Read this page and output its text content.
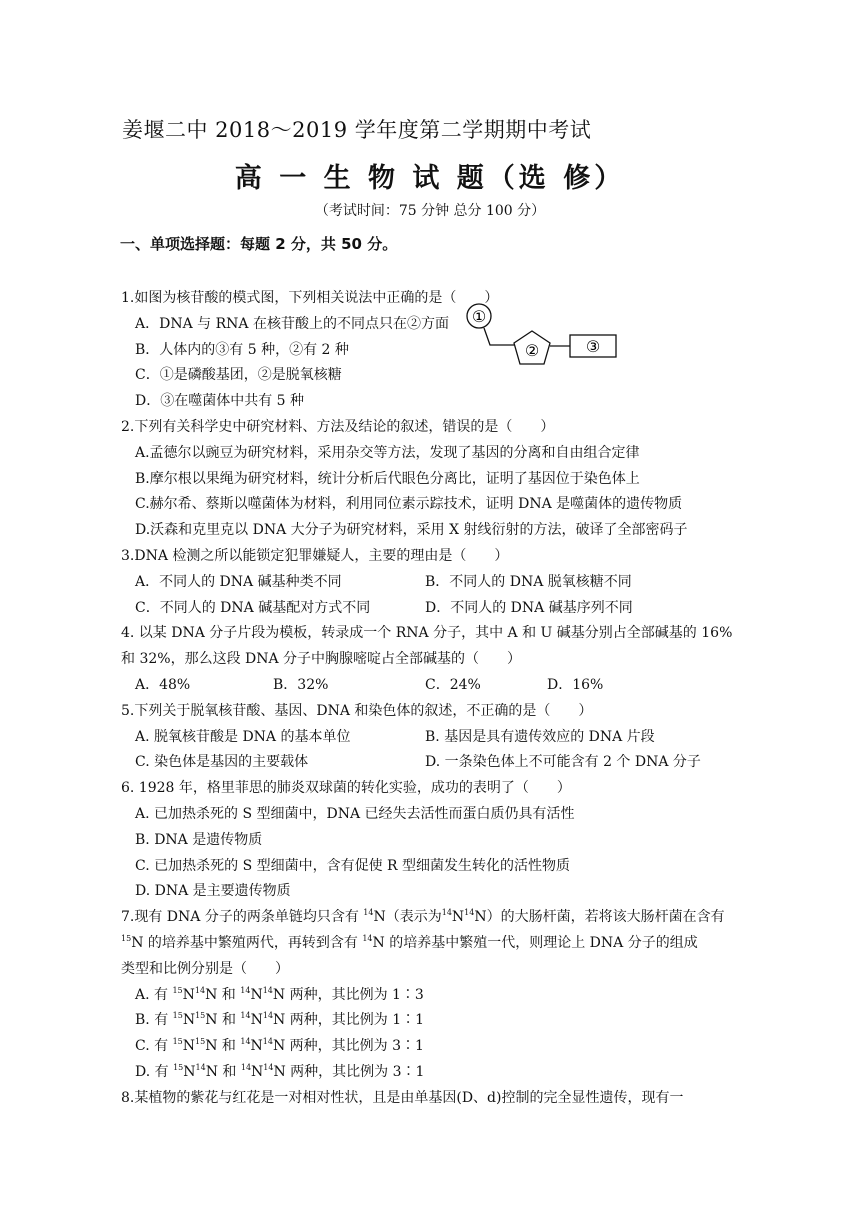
姜堰二中 2018～2019 学年度第二学期期中考试
高 一 生 物 试 题（选 修）
（考试时间：75 分钟 总分 100 分）
一、单项选择题：每题 2 分，共 50 分。
①
②	③
1.如图为核苷酸的模式图，下列相关说法中正确的是（　　）
A．DNA 与 RNA 在核苷酸上的不同点只在②方面
B．人体内的③有 5 种，②有 2 种
C．①是磷酸基团，②是脱氧核糖
D．③在噬菌体中共有 5 种
2.下列有关科学史中研究材料、方法及结论的叙述，错误的是（　　）
A.孟德尔以豌豆为研究材料，采用杂交等方法，发现了基因的分离和自由组合定律
B.摩尔根以果绳为研究材料，统计分析后代眼色分离比，证明了基因位于染色体上
C.赫尔希、蔡斯以噬菌体为材料，利用同位素示踪技术，证明 DNA 是噬菌体的遗传物质
D.沃森和克里克以 DNA 大分子为研究材料，采用 X 射线衍射的方法，破译了全部密码子
3.DNA 检测之所以能锁定犯罪嫌疑人，主要的理由是（　　）
A．不同人的 DNA 碱基种类不同	B．不同人的 DNA 脱氧核糖不同
C．不同人的 DNA 碱基配对方式不同	D．不同人的 DNA 碱基序列不同
4. 以某 DNA 分子片段为模板，转录成一个 RNA 分子，其中 A 和 U 碱基分别占全部碱基的 16%和 32%，那么这段 DNA 分子中胸腺嘧啶占全部碱基的（　　）
A．48%	B．32%	C．24%	D．16%
5.下列关于脱氧核苷酸、基因、DNA 和染色体的叙述，不正确的是（　　）
A. 脱氧核苷酸是 DNA 的基本单位	B. 基因是具有遗传效应的 DNA 片段
C. 染色体是基因的主要载体	D. 一条染色体上不可能含有 2 个 DNA 分子
6. 1928 年，格里菲思的肺炎双球菌的转化实验，成功的表明了（　　）
A. 已加热杀死的 S 型细菌中，DNA 已经失去活性而蛋白质仍具有活性
B. DNA 是遗传物质
C. 已加热杀死的 S 型细菌中，含有促使 R 型细菌发生转化的活性物质
D. DNA 是主要遗传物质
7.现有 DNA 分子的两条单链均只含有 $^{14}$N（表示为$^{14}N^{14}N$）的大肠杆菌，若将该大肠杆菌在含有
$^{15}$N 的培养基中繁殖两代，再转到含有 $^{14}$N 的培养基中繁殖一代，则理论上 DNA 分子的组成
类型和比例分别是（　　）
A. 有 $^{15}N^{14}N$ 和 $^{14}N^{14}N$ 两种，其比例为 1∶3
B. 有 $^{15}N^{15}N$ 和 $^{14}N^{14}N$ 两种，其比例为 1∶1
C. 有 $^{15}N^{15}N$ 和 $^{14}N^{14}N$ 两种，其比例为 3∶1
D. 有 $^{15}N^{14}N$ 和 $^{14}N^{14}N$ 两种，其比例为 3∶1
8.某植物的紫花与红花是一对相对性状，且是由单基因(D、d)控制的完全显性遗传，现有一
